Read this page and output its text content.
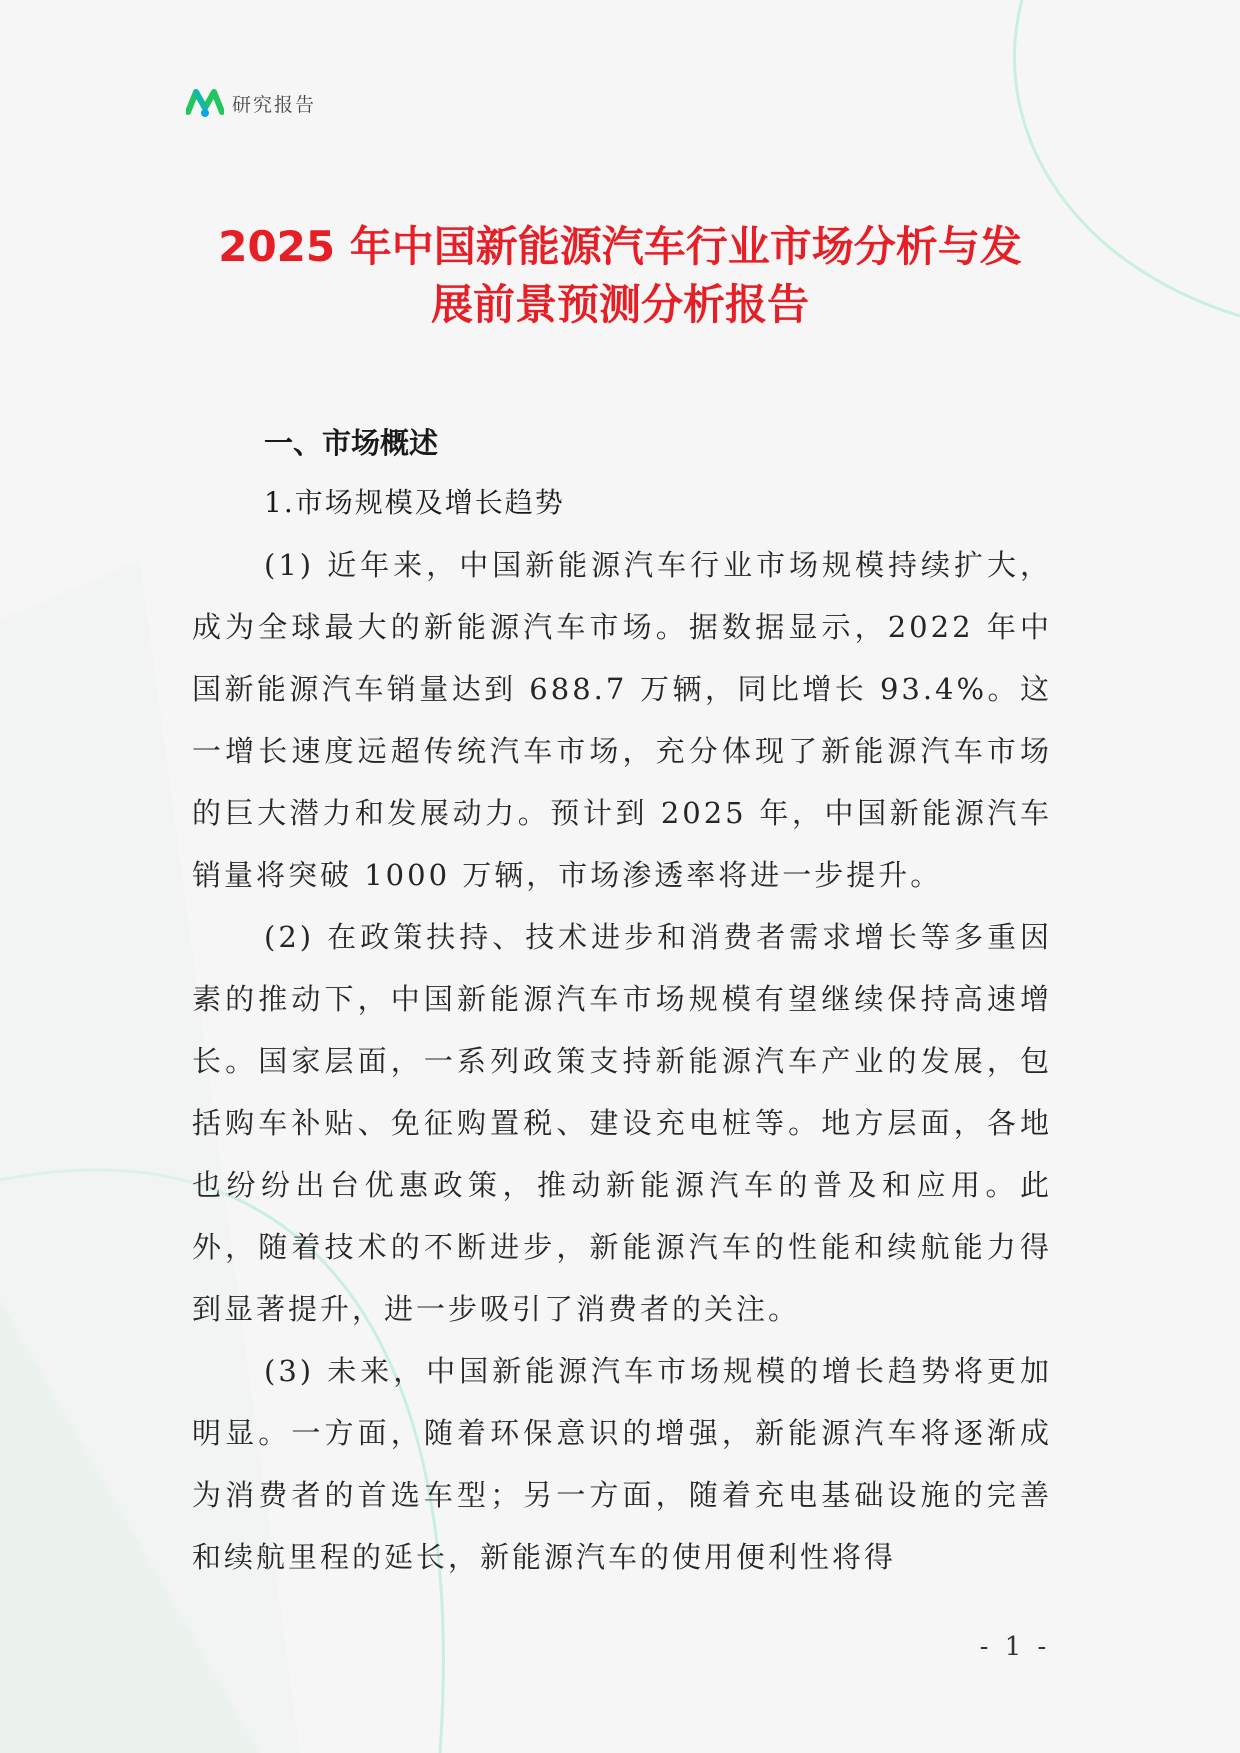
研究报告
2025 年中国新能源汽车行业市场分析与发
展前景预测分析报告
一、市场概述
1.市场规模及增长趋势

(1) 近年来，中国新能源汽车行业市场规模持续扩大，成为全球最大的新能源汽车市场。据数据显示，2022 年中国新能源汽车销量达到 688.7 万辆，同比增长 93.4%。这一增长速度远超传统汽车市场，充分体现了新能源汽车市场的巨大潜力和发展动力。预计到 2025 年，中国新能源汽车销量将突破 1000 万辆，市场渗透率将进一步提升。

(2) 在政策扶持、技术进步和消费者需求增长等多重因素的推动下，中国新能源汽车市场规模有望继续保持高速增长。国家层面，一系列政策支持新能源汽车产业的发展，包括购车补贴、免征购置税、建设充电桩等。地方层面，各地也纷纷出台优惠政策，推动新能源汽车的普及和应用。此外，随着技术的不断进步，新能源汽车的性能和续航能力得到显著提升，进一步吸引了消费者的关注。

(3) 未来，中国新能源汽车市场规模的增长趋势将更加明显。一方面，随着环保意识的增强，新能源汽车将逐渐成为消费者的首选车型；另一方面，随着充电基础设施的完善和续航里程的延长，新能源汽车的使用便利性将得

- 1 -
